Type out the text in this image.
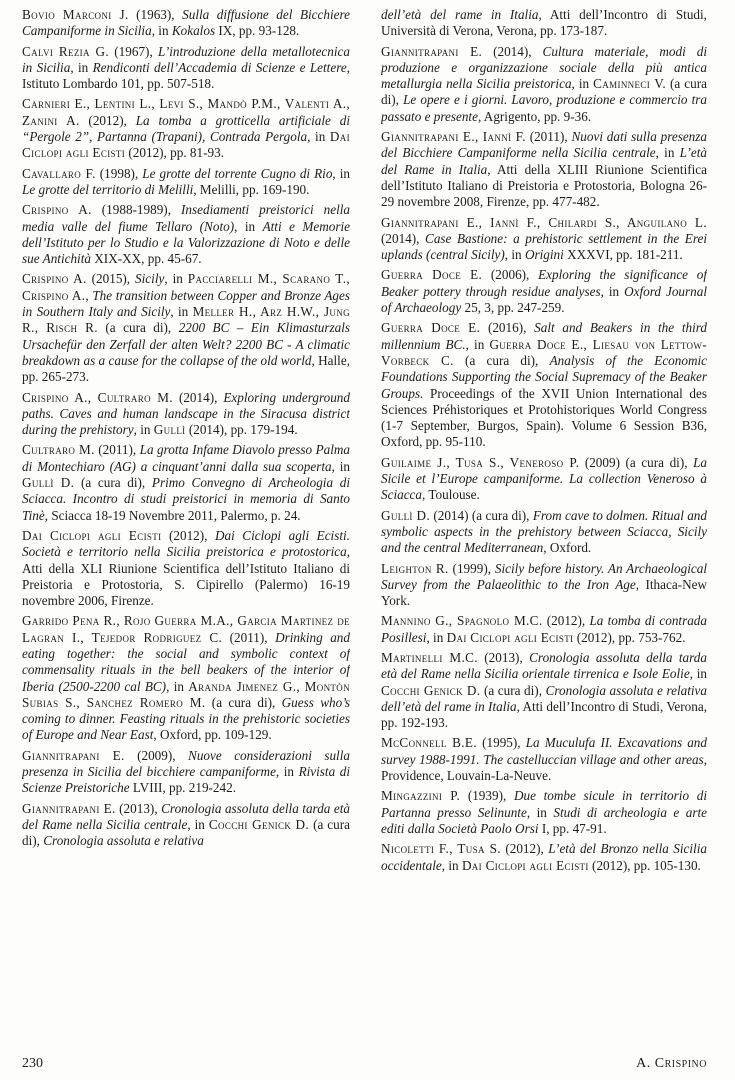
Bovio Marconi J. (1963), Sulla diffusione del Bicchiere Campaniforme in Sicilia, in Kokalos IX, pp. 93-128.

Calvi Rezia G. (1967), L’introduzione della metallotecnica in Sicilia, in Rendiconti dell’Accademia di Scienze e Lettere, Istituto Lombardo 101, pp. 507-518.

Carnieri E., Lentini L., Levi S., Mandò P.M., Valenti A., Zanini A. (2012), La tomba a grotticella artificiale di “Pergole 2”, Partanna (Trapani), Contrada Pergola, in Dai Ciclopi agli Ecisti (2012), pp. 81-93.

Cavallaro F. (1998), Le grotte del torrente Cugno di Rio, in Le grotte del territorio di Melilli, Melilli, pp. 169-190.

Crispino A. (1988-1989), Insediamenti preistorici nella media valle del fiume Tellaro (Noto), in Atti e Memorie dell’Istituto per lo Studio e la Valorizzazione di Noto e delle sue Antichità XIX-XX, pp. 45-67.

Crispino A. (2015), Sicily, in Pacciarelli M., Scarano T., Crispino A., The transition between Copper and Bronze Ages in Southern Italy and Sicily, in Meller H., Arz H.W., Jung R., Risch R. (a cura di), 2200 BC – Ein Klimasturzals Ursachefür den Zerfall der alten Welt? 2200 BC - A climatic breakdown as a cause for the collapse of the old world, Halle, pp. 265-273.

Crispino A., Cultraro M. (2014), Exploring underground paths. Caves and human landscape in the Siracusa district during the prehistory, in Gullì (2014), pp. 179-194.

Cultraro M. (2011), La grotta Infame Diavolo presso Palma di Montechiaro (AG) a cinquant’anni dalla sua scoperta, in Gullì D. (a cura di), Primo Convegno di Archeologia di Sciacca. Incontro di studi preistorici in memoria di Santo Tinè, Sciacca 18-19 Novembre 2011, Palermo, p. 24.

Dai Ciclopi agli Ecisti (2012), Dai Ciclopi agli Ecisti. Società e territorio nella Sicilia preistorica e protostorica, Atti della XLI Riunione Scientifica dell’Istituto Italiano di Preistoria e Protostoria, S. Cipirello (Palermo) 16-19 novembre 2006, Firenze.

Garrido Pena R., Rojo Guerra M.A., Garcia Martinez de Lagran I., Tejedor Rodriguez C. (2011), Drinking and eating together: the social and symbolic context of commensality rituals in the bell beakers of the interior of Iberia (2500-2200 cal BC), in Aranda Jimenez G., Montòn Subias S., Sanchez Romero M. (a cura di), Guess who’s coming to dinner. Feasting rituals in the prehistoric societies of Europe and Near East, Oxford, pp. 109-129.

Giannitrapani E. (2009), Nuove considerazioni sulla presenza in Sicilia del bicchiere campaniforme, in Rivista di Scienze Preistoriche LVIII, pp. 219-242.

Giannitrapani E. (2013), Cronologia assoluta della tarda età del Rame nella Sicilia centrale, in Cocchi Genick D. (a cura di), Cronologia assoluta e relativa

dell’età del rame in Italia, Atti dell’Incontro di Studi, Università di Verona, Verona, pp. 173-187.

Giannitrapani E. (2014), Cultura materiale, modi di produzione e organizzazione sociale della più antica metallurgia nella Sicilia preistorica, in Caminneci V. (a cura di), Le opere e i giorni. Lavoro, produzione e commercio tra passato e presente, Agrigento, pp. 9-36.

Giannitrapani E., Iannì F. (2011), Nuovi dati sulla presenza del Bicchiere Campaniforme nella Sicilia centrale, in L’età del Rame in Italia, Atti della XLIII Riunione Scientifica dell’Istituto Italiano di Preistoria e Protostoria, Bologna 26-29 novembre 2008, Firenze, pp. 477-482.

Giannitrapani E., Iannì F., Chilardi S., Anguilano L. (2014), Case Bastione: a prehistoric settlement in the Erei uplands (central Sicily), in Origini XXXVI, pp. 181-211.

Guerra Doce E. (2006), Exploring the significance of Beaker pottery through residue analyses, in Oxford Journal of Archaeology 25, 3, pp. 247-259.

Guerra Doce E. (2016), Salt and Beakers in the third millennium BC., in Guerra Doce E., Liesau von Lettow-Vorbeck C. (a cura di), Analysis of the Economic Foundations Supporting the Social Supremacy of the Beaker Groups. Proceedings of the XVII Union International des Sciences Préhistoriques et Protohistoriques World Congress (1-7 September, Burgos, Spain). Volume 6 Session B36, Oxford, pp. 95-110.

Guilaime J., Tusa S., Veneroso P. (2009) (a cura di), La Sicile et l’Europe campaniforme. La collection Veneroso à Sciacca, Toulouse.

Gullì D. (2014) (a cura di), From cave to dolmen. Ritual and symbolic aspects in the prehistory between Sciacca, Sicily and the central Mediterranean, Oxford.

Leighton R. (1999), Sicily before history. An Archaeological Survey from the Palaeolithic to the Iron Age, Ithaca-New York.

Mannino G., Spagnolo M.C. (2012), La tomba di contrada Posillesi, in Dai Ciclopi agli Ecisti (2012), pp. 753-762.

Martinelli M.C. (2013), Cronologia assoluta della tarda età del Rame nella Sicilia orientale tirrenica e Isole Eolie, in Cocchi Genick D. (a cura di), Cronologia assoluta e relativa dell’età del rame in Italia, Atti dell’Incontro di Studi, Verona, pp. 192-193.

McConnell B.E. (1995), La Muculufa II. Excavations and survey 1988-1991. The castelluccian village and other areas, Providence, Louvain-La-Neuve.

Mingazzini P. (1939), Due tombe sicule in territorio di Partanna presso Selinunte, in Studi di archeologia e arte editi dalla Società Paolo Orsi I, pp. 47-91.

Nicoletti F., Tusa S. (2012), L’età del Bronzo nella Sicilia occidentale, in Dai Ciclopi agli Ecisti (2012), pp. 105-130.

230	A. Crispino
